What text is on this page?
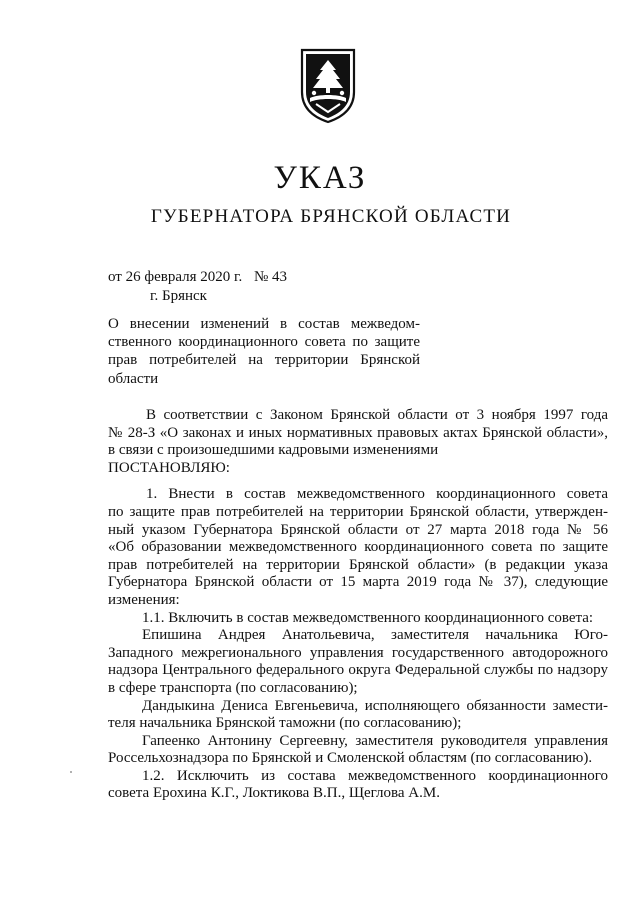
УКАЗ
ГУБЕРНАТОРА БРЯНСКОЙ ОБЛАСТИ
от 26 февраля 2020 г. № 43
г. Брянск
О внесении изменений в состав межведом-
ственного координационного совета по защите
прав потребителей на территории Брянской
области
В соответствии с Законом Брянской области от 3 ноября 1997 года
№ 28-З «О законах и иных нормативных правовых актах Брянской области»,
в связи с произошедшими кадровыми изменениями
ПОСТАНОВЛЯЮ:
1. Внести в состав межведомственного координационного совета
по защите прав потребителей на территории Брянской области, утвержден-
ный указом Губернатора Брянской области от 27 марта 2018 года № 56
«Об образовании межведомственного координационного совета по защите
прав потребителей на территории Брянской области» (в редакции указа
Губернатора Брянской области от 15 марта 2019 года № 37), следующие
изменения:
1.1. Включить в состав межведомственного координационного совета:
Епишина Андрея Анатольевича, заместителя начальника Юго-
Западного межрегионального управления государственного автодорожного
надзора Центрального федерального округа Федеральной службы по надзору
в сфере транспорта (по согласованию);
Дандыкина Дениса Евгеньевича, исполняющего обязанности замести-
теля начальника Брянской таможни (по согласованию);
Гапеенко Антонину Сергеевну, заместителя руководителя управления
Россельхознадзора по Брянской и Смоленской областям (по согласованию).
1.2. Исключить из состава межведомственного координационного
совета Ерохина К.Г., Локтикова В.П., Щеглова А.М.
